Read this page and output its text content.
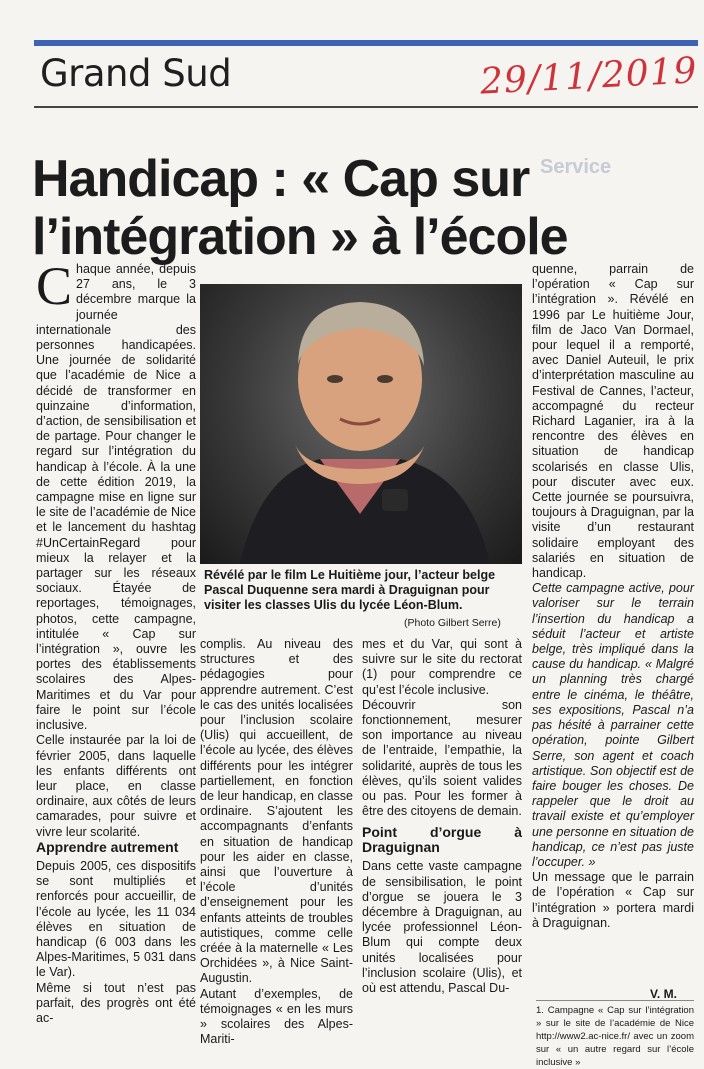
Grand Sud	29/11/2019
Service
Handicap : « Cap sur
l’intégration » à l’école

Chaque année, depuis 27 ans, le 3 décembre marque la journée internationale des personnes handicapées. Une journée de solidarité que l’académie de Nice a décidé de transformer en quinzaine d’information, d’action, de sensibilisation et de partage. Pour changer le regard sur l’intégration du handicap à l’école. À la une de cette édition 2019, la campagne mise en ligne sur le site de l’académie de Nice et le lancement du hashtag #UnCertainRegard pour mieux la relayer et la partager sur les réseaux sociaux. Étayée de reportages, témoignages, photos, cette campagne, intitulée « Cap sur l’intégration », ouvre les portes des établissements scolaires des Alpes-Maritimes et du Var pour faire le point sur l’école inclusive.

Celle instaurée par la loi de février 2005, dans laquelle les enfants différents ont leur place, en classe ordinaire, aux côtés de leurs camarades, pour suivre et vivre leur scolarité.

Apprendre autrement

Depuis 2005, ces dispositifs se sont multipliés et renforcés pour accueillir, de l’école au lycée, les 11 034 élèves en situation de handicap (6 003 dans les Alpes-Maritimes, 5 031 dans le Var).

Même si tout n’est pas parfait, des progrès ont été ac-

Révélé par le film Le Huitième jour, l’acteur belge Pascal Duquenne sera mardi à Draguignan pour visiter les classes Ulis du lycée Léon-Blum.
(Photo Gilbert Serre)

complis. Au niveau des structures et des pédagogies pour apprendre autrement. C’est le cas des unités localisées pour l’inclusion scolaire (Ulis) qui accueillent, de l’école au lycée, des élèves différents pour les intégrer partiellement, en fonction de leur handicap, en classe ordinaire. S’ajoutent les accompagnants d’enfants en situation de handicap pour les aider en classe, ainsi que l’ouverture à l’école d’unités d’enseignement pour les enfants atteints de troubles autistiques, comme celle créée à la maternelle « Les Orchidées », à Nice Saint-Augustin.

Autant d’exemples, de témoignages « en les murs » scolaires des Alpes-Mariti-

mes et du Var, qui sont à suivre sur le site du rectorat (1) pour comprendre ce qu’est l’école inclusive.

Découvrir son fonctionnement, mesurer son importance au niveau de l’entraide, l’empathie, la solidarité, auprès de tous les élèves, qu’ils soient valides ou pas. Pour les former à être des citoyens de demain.

Point d’orgue à Draguignan

Dans cette vaste campagne de sensibilisation, le point d’orgue se jouera le 3 décembre à Draguignan, au lycée professionnel Léon-Blum qui compte deux unités localisées pour l’inclusion scolaire (Ulis), et où est attendu, Pascal Du-

quenne, parrain de l’opération « Cap sur l’intégration ». Révélé en 1996 par Le huitième Jour, film de Jaco Van Dormael, pour lequel il a remporté, avec Daniel Auteuil, le prix d’interprétation masculine au Festival de Cannes, l’acteur, accompagné du recteur Richard Laganier, ira à la rencontre des élèves en situation de handicap scolarisés en classe Ulis, pour discuter avec eux. Cette journée se poursuivra, toujours à Draguignan, par la visite d’un restaurant solidaire employant des salariés en situation de handicap.

Cette campagne active, pour valoriser sur le terrain l’insertion du handicap a séduit l’acteur et artiste belge, très impliqué dans la cause du handicap. « Malgré un planning très chargé entre le cinéma, le théâtre, ses expositions, Pascal n’a pas hésité à parrainer cette opération, pointe Gilbert Serre, son agent et coach artistique. Son objectif est de faire bouger les choses. De rappeler que le droit au travail existe et qu’employer une personne en situation de handicap, ce n’est pas juste l’occuper. »

Un message que le parrain de l’opération « Cap sur l’intégration » portera mardi à Draguignan.

V. M.
1. Campagne « Cap sur l’intégration » sur le site de l’académie de Nice http://www2.ac-nice.fr/ avec un zoom sur « un autre regard sur l’école inclusive »
